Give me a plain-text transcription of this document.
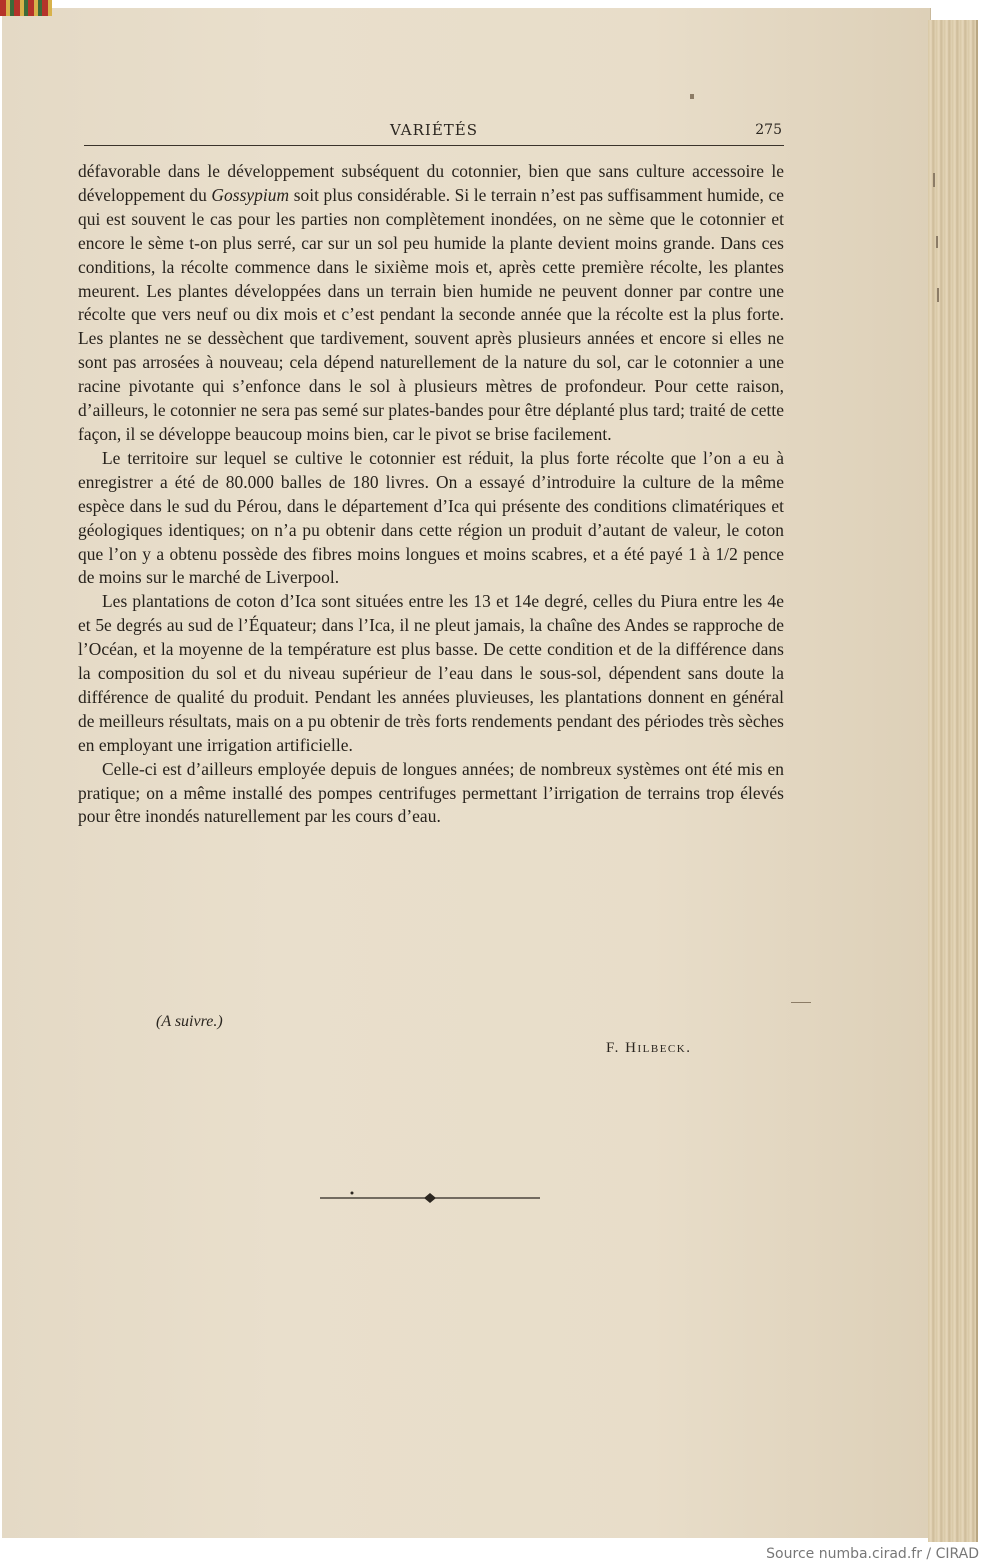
VARIÉTÉS	275

défavorable dans le développement subséquent du cotonnier, bien que sans culture accessoire le développement du Gossypium soit plus considérable. Si le terrain n’est pas suffisamment humide, ce qui est souvent le cas pour les parties non complètement inondées, on ne sème que le cotonnier et encore le sème t-on plus serré, car sur un sol peu humide la plante devient moins grande. Dans ces conditions, la récolte commence dans le sixième mois et, après cette première récolte, les plantes meurent. Les plantes développées dans un terrain bien humide ne peuvent donner par contre une récolte que vers neuf ou dix mois et c’est pendant la seconde année que la récolte est la plus forte. Les plantes ne se dessèchent que tardivement, souvent après plusieurs années et encore si elles ne sont pas arrosées à nouveau; cela dépend naturellement de la nature du sol, car le cotonnier a une racine pivotante qui s’enfonce dans le sol à plusieurs mètres de profondeur. Pour cette raison, d’ailleurs, le cotonnier ne sera pas semé sur plates-bandes pour être déplanté plus tard; traité de cette façon, il se développe beaucoup moins bien, car le pivot se brise facilement.

Le territoire sur lequel se cultive le cotonnier est réduit, la plus forte récolte que l’on a eu à enregistrer a été de 80.000 balles de 180 livres. On a essayé d’introduire la culture de la même espèce dans le sud du Pérou, dans le département d’Ica qui présente des conditions climatériques et géologiques identiques; on n’a pu obtenir dans cette région un produit d’autant de valeur, le coton que l’on y a obtenu possède des fibres moins longues et moins scabres, et a été payé 1 à 1/2 pence de moins sur le marché de Liverpool.

Les plantations de coton d’Ica sont situées entre les 13 et 14e degré, celles du Piura entre les 4e et 5e degrés au sud de l’Équateur; dans l’Ica, il ne pleut jamais, la chaîne des Andes se rapproche de l’Océan, et la moyenne de la température est plus basse. De cette condition et de la différence dans la composition du sol et du niveau supérieur de l’eau dans le sous-sol, dépendent sans doute la différence de qualité du produit. Pendant les années pluvieuses, les plantations donnent en général de meilleurs résultats, mais on a pu obtenir de très forts rendements pendant des périodes très sèches en employant une irrigation artificielle.

Celle-ci est d’ailleurs employée depuis de longues années; de nombreux systèmes ont été mis en pratique; on a même installé des pompes centrifuges permettant l’irrigation de terrains trop élevés pour être inondés naturellement par les cours d’eau.

(A suivre.)
F. Hilbeck.
Source numba.cirad.fr / CIRAD
